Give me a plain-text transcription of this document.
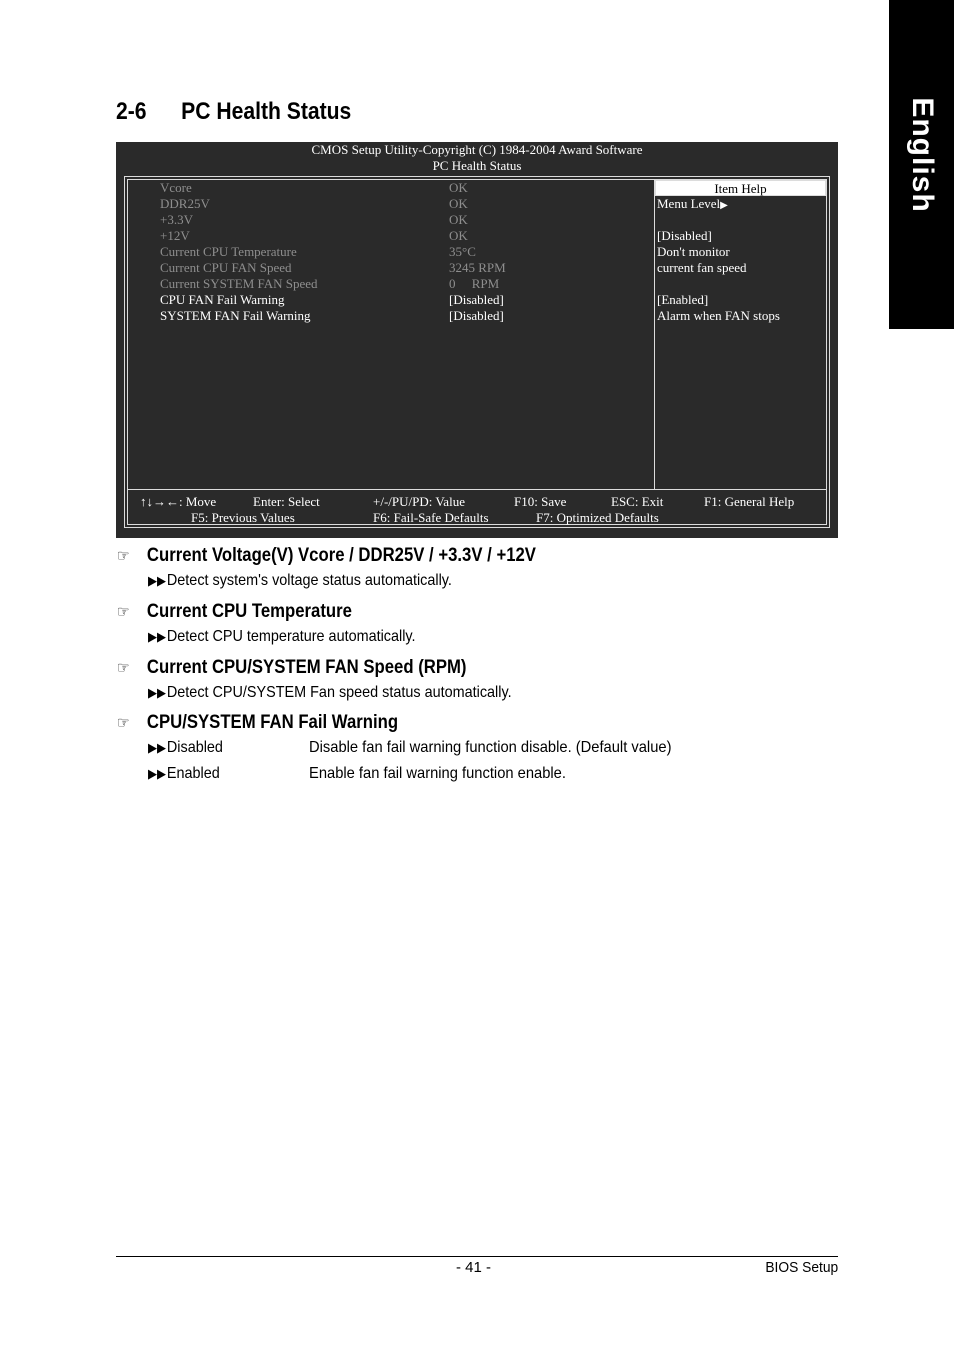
English
2-6 PC Health Status
CMOS Setup Utility-Copyright (C) 1984-2004 Award Software
PC Health Status
Item Help
Vcore	OK
DDR25V	OK
+3.3V	OK
+12V	OK
Current CPU Temperature	35°C
Current CPU FAN Speed	3245 RPM
Current SYSTEM FAN Speed	0     RPM
CPU FAN Fail Warning	[Disabled]
SYSTEM FAN Fail Warning	[Disabled]
Menu Level▶
[Disabled]
Don't monitor
current fan speed
[Enabled]
Alarm when FAN stops
↑↓→←: Move	Enter: Select	+/-/PU/PD: Value	F10: Save	ESC: Exit	F1: General Help
F5: Previous Values	F6: Fail-Safe Defaults	F7: Optimized Defaults
☞ Current Voltage(V) Vcore / DDR25V / +3.3V / +12V
▶▶Detect system's voltage status automatically.
☞ Current CPU Temperature
▶▶Detect CPU temperature automatically.
☞ Current CPU/SYSTEM FAN Speed (RPM)
▶▶Detect CPU/SYSTEM Fan speed status automatically.
☞ CPU/SYSTEM FAN Fail Warning
▶▶Disabled	Disable fan fail warning function disable. (Default value)
▶▶Enabled	Enable fan fail warning function enable.
- 41 -	BIOS Setup
